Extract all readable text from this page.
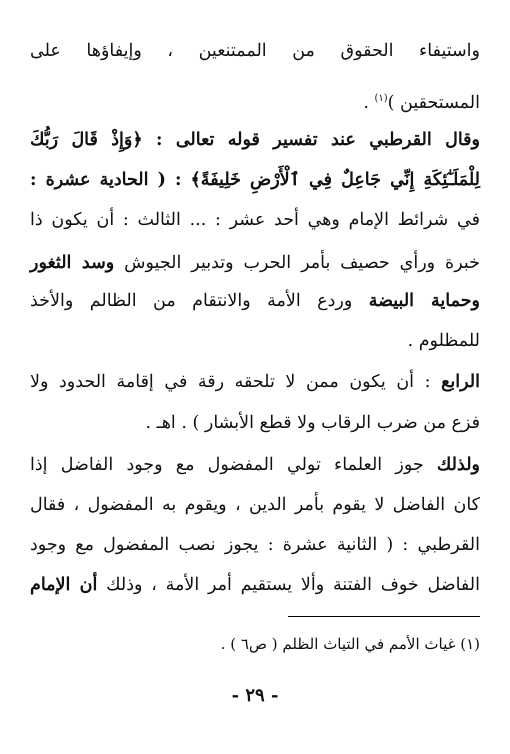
واستيفاء الحقوق من الممتنعين ، وإيفاؤها على
المستحقين )$^{(١)}$ .
وقال القرطبي عند تفسير قوله تعالى : ﴿وَإِذْ قَالَ رَبُّكَ
لِلْمَلَـٰٓئِكَةِ إِنِّي جَاعِلٌ فِي ٱلْأَرْضِ خَلِيفَةً﴾ : ( الحادية عشرة :
في شرائط الإمام وهي أحد عشر : ... الثالث : أن يكون ذا
خبرة ورأي حصيف بأمر الحرب وتدبير الجيوش وسد الثغور
وحماية البيضة وردع الأمة والانتقام من الظالم والأخذ
للمظلوم .
الرابع : أن يكون ممن لا تلحقه رقة في إقامة الحدود ولا
فزع من ضرب الرقاب ولا قطع الأبشار ) . اهـ .
ولذلك جوز العلماء تولي المفضول مع وجود الفاضل إذا
كان الفاضل لا يقوم بأمر الدين ، ويقوم به المفضول ، فقال
القرطبي : ( الثانية عشرة : يجوز نصب المفضول مع وجود
الفاضل خوف الفتنة وألا يستقيم أمر الأمة ، وذلك أن الإمام
(١) غياث الأمم في التياث الظلم ( ص٦ ) .
- ٢٩ -
